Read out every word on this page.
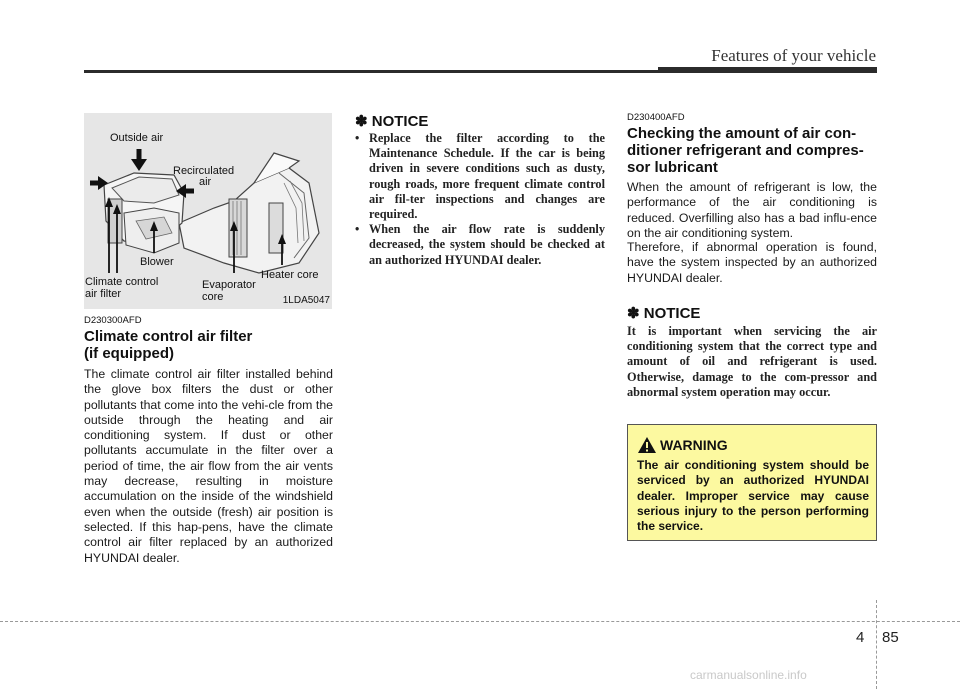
Features of your vehicle
Outside air
Recirculated
air
Blower
Climate control
air filter
Evaporator
core
Heater core
1LDA5047
D230300AFD
Climate control air filter
(if equipped)
The climate control air filter installed behind the glove box filters the dust or other pollutants that come into the vehi-cle from the outside through the heating and air conditioning system. If dust or other pollutants accumulate in the filter over a period of time, the air flow from the air vents may decrease, resulting in moisture accumulation on the inside of the windshield even when the outside (fresh) air position is selected. If this hap-pens, have the climate control air filter replaced by an authorized HYUNDAI dealer.
✽ NOTICE
• Replace the filter according to the Maintenance Schedule. If the car is being driven in severe conditions such as dusty, rough roads, more frequent climate control air fil-ter inspections and changes are required.
• When the air flow rate is suddenly decreased, the system should be checked at an authorized HYUNDAI dealer.
D230400AFD
Checking the amount of air con-
ditioner refrigerant and compres-
sor lubricant
When the amount of refrigerant is low, the performance of the air conditioning is reduced. Overfilling also has a bad influ-ence on the air conditioning system.
Therefore, if abnormal operation is found, have the system inspected by an authorized HYUNDAI dealer.
✽ NOTICE
It is important when servicing the air conditioning system that the correct type and amount of oil and refrigerant is used. Otherwise, damage to the com-pressor and abnormal system operation may occur.
WARNING
The air conditioning system should be serviced by an authorized HYUNDAI dealer. Improper service may cause serious injury to the person performing the service.
4 85
carmanualsonline.info
